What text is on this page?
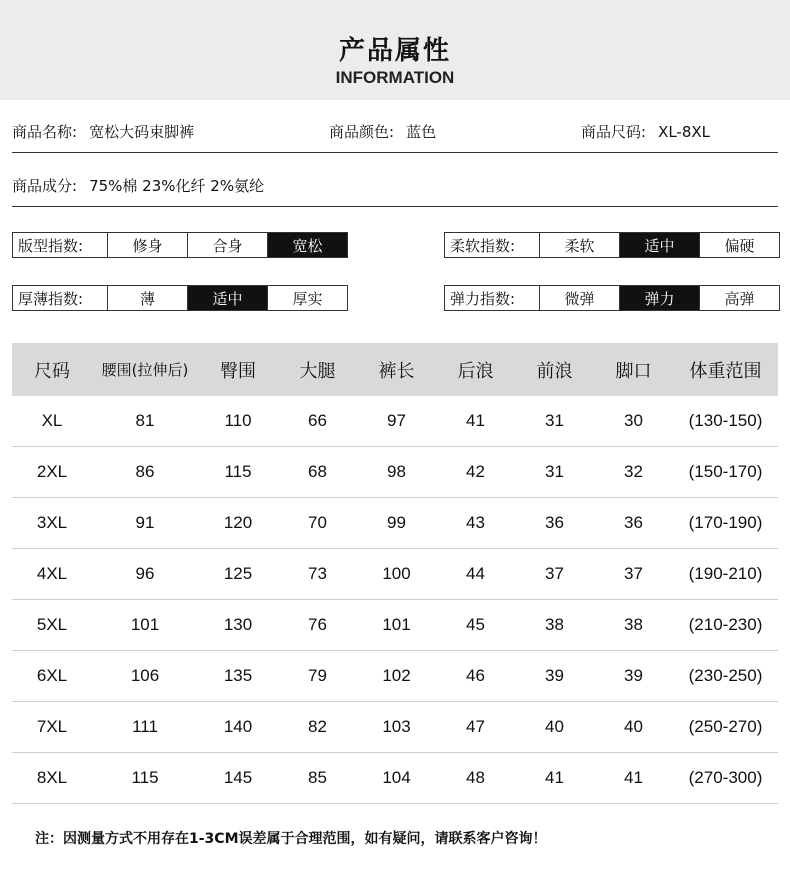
产品属性
INFORMATION
商品名称: 宽松大码束脚裤	商品颜色: 蓝色	商品尺码: XL-8XL
商品成分: 75%棉 23%化纤 2%氨纶
版型指数:	修身	合身	宽松	柔软指数:	柔软	适中	偏硬
厚薄指数:	薄	适中	厚实	弹力指数:	微弹	弹力	高弹
尺码	腰围(拉伸后)	臀围	大腿	裤长	后浪	前浪	脚口	体重范围
XL	81	110	66	97	41	31	30	(130-150)
2XL	86	115	68	98	42	31	32	(150-170)
3XL	91	120	70	99	43	36	36	(170-190)
4XL	96	125	73	100	44	37	37	(190-210)
5XL	101	130	76	101	45	38	38	(210-230)
6XL	106	135	79	102	46	39	39	(230-250)
7XL	111	140	82	103	47	40	40	(250-270)
8XL	115	145	85	104	48	41	41	(270-300)
注：因测量方式不用存在1-3CM误差属于合理范围，如有疑问，请联系客户咨询！
